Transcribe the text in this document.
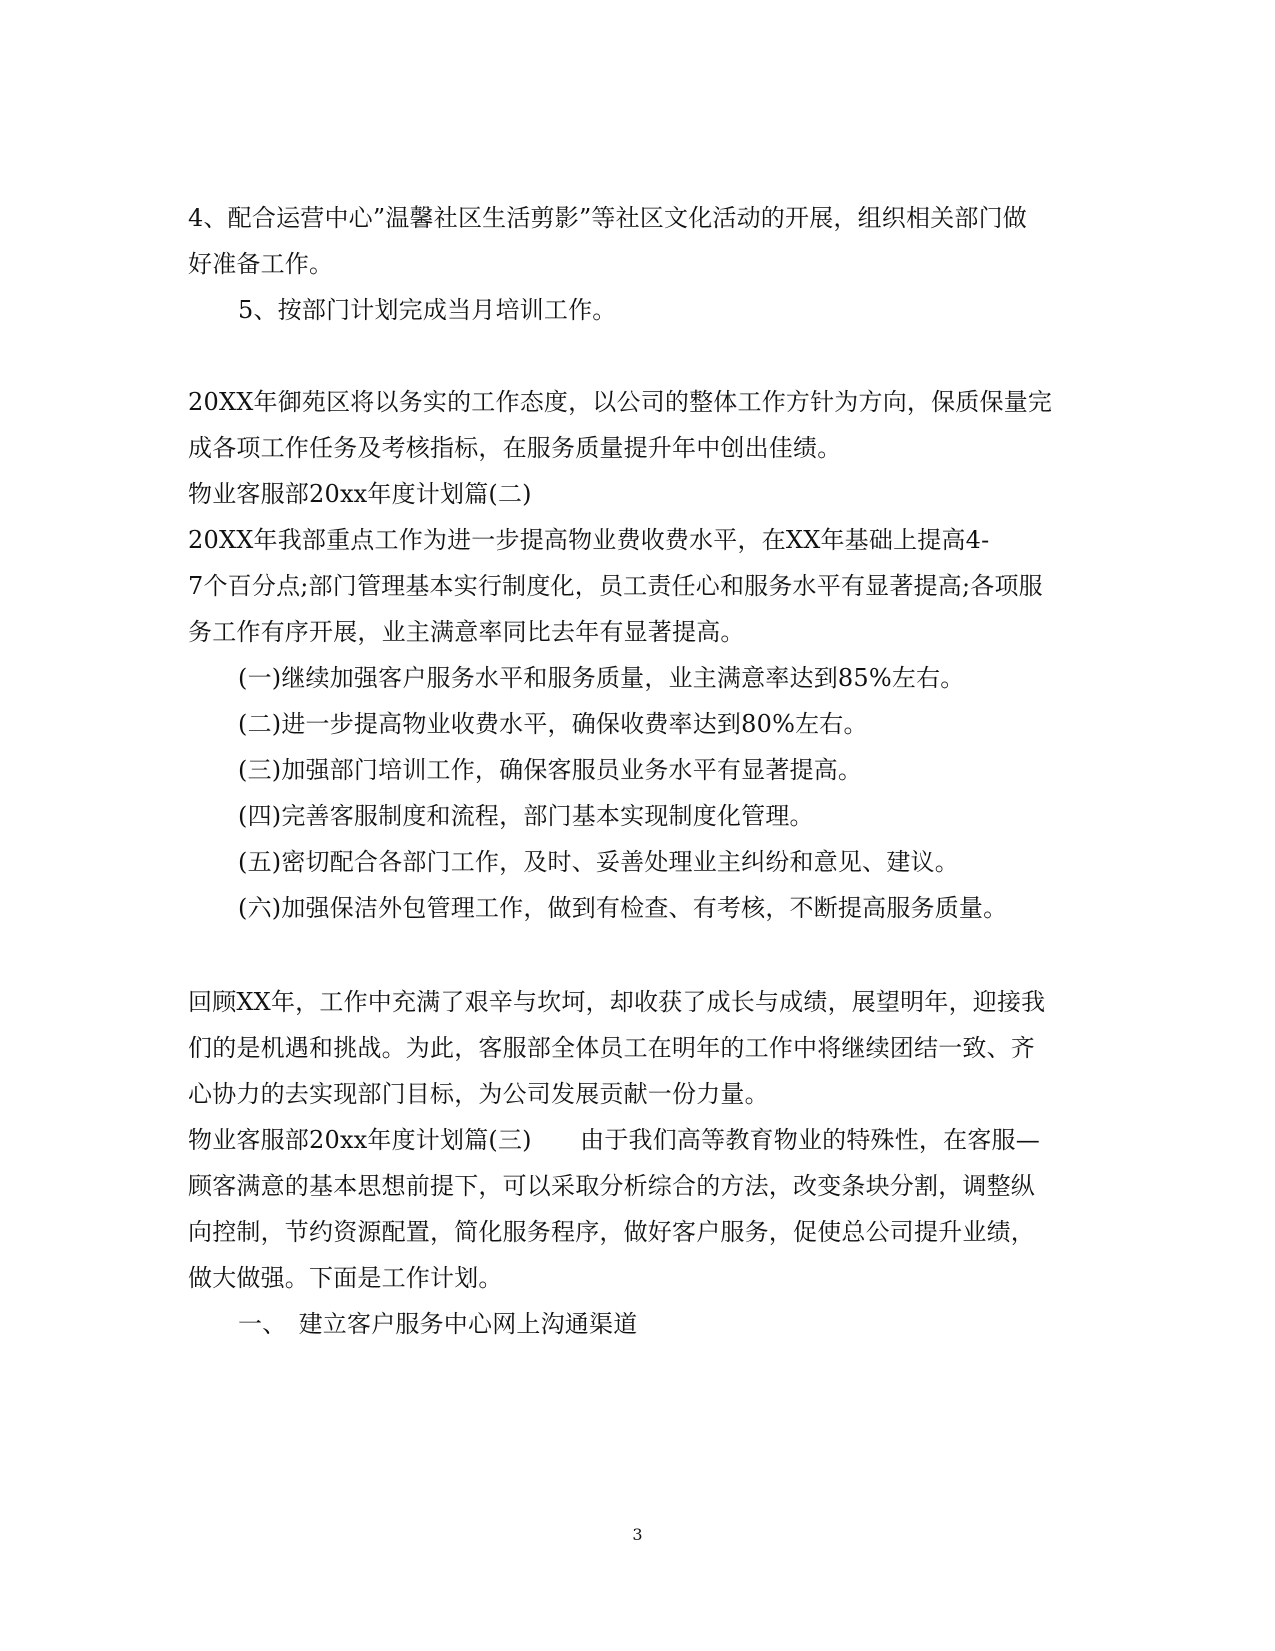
4、配合运营中心”温馨社区生活剪影”等社区文化活动的开展，组织相关部门做
好准备工作。
5、按部门计划完成当月培训工作。
20XX年御苑区将以务实的工作态度，以公司的整体工作方针为方向，保质保量完
成各项工作任务及考核指标，在服务质量提升年中创出佳绩。
物业客服部20xx年度计划篇(二)
20XX年我部重点工作为进一步提高物业费收费水平，在XX年基础上提高4-
7个百分点;部门管理基本实行制度化，员工责任心和服务水平有显著提高;各项服
务工作有序开展，业主满意率同比去年有显著提高。
(一)继续加强客户服务水平和服务质量，业主满意率达到85%左右。
(二)进一步提高物业收费水平，确保收费率达到80%左右。
(三)加强部门培训工作，确保客服员业务水平有显著提高。
(四)完善客服制度和流程，部门基本实现制度化管理。
(五)密切配合各部门工作，及时、妥善处理业主纠纷和意见、建议。
(六)加强保洁外包管理工作，做到有检查、有考核，不断提高服务质量。
回顾XX年，工作中充满了艰辛与坎坷，却收获了成长与成绩，展望明年，迎接我
们的是机遇和挑战。为此，客服部全体员工在明年的工作中将继续团结一致、齐
心协力的去实现部门目标，为公司发展贡献一份力量。
物业客服部20xx年度计划篇(三)　　由于我们高等教育物业的特殊性，在客服—
顾客满意的基本思想前提下，可以采取分析综合的方法，改变条块分割，调整纵
向控制，节约资源配置，简化服务程序，做好客户服务，促使总公司提升业绩，
做大做强。下面是工作计划。
一、　建立客户服务中心网上沟通渠道
3
